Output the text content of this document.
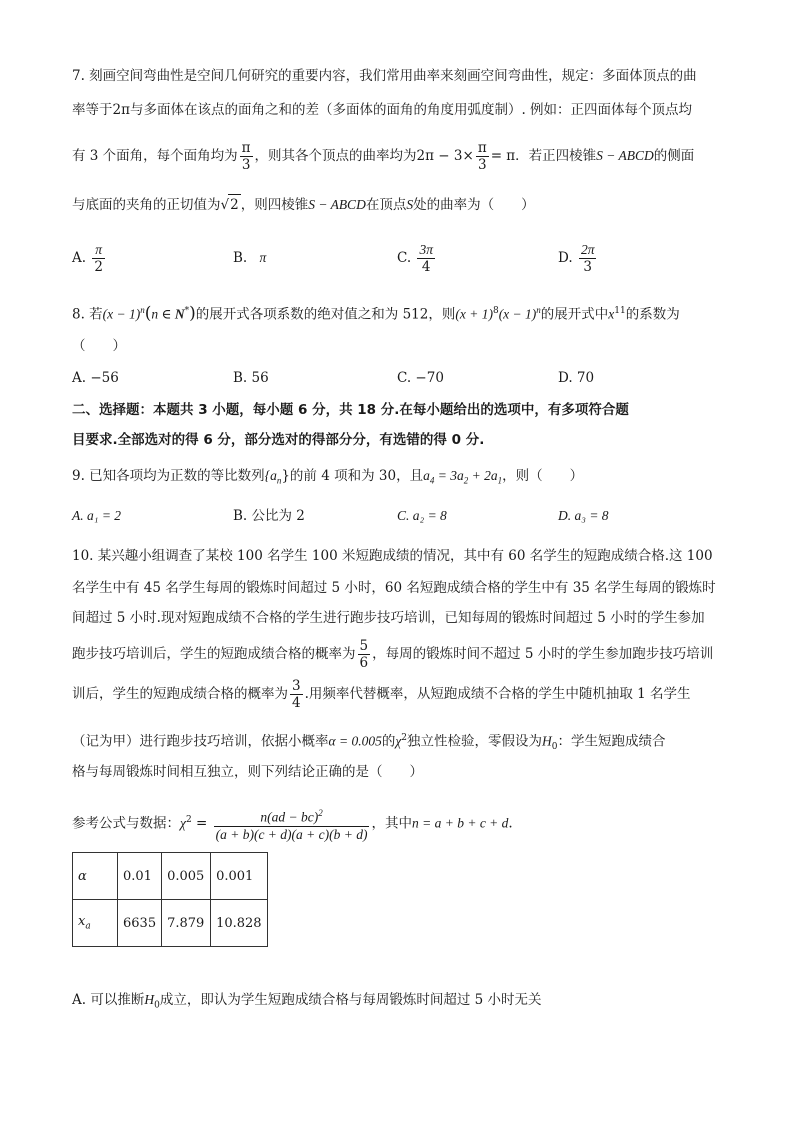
7. 刻画空间弯曲性是空间几何研究的重要内容，我们常用曲率来刻画空间弯曲性，规定：多面体顶点的曲
率等于2π与多面体在该点的面角之和的差（多面体的面角的角度用弧度制）. 例如：正四面体每个顶点均
有 3 个面角，每个面角均为 $\frac{\pi}{3}$ ，则其各个顶点的曲率均为$2\pi - 3\times \frac{\pi}{3} = \pi$．若正四棱锥S − ABCD的侧面
与底面的夹角的正切值为√2 ，则四棱锥S − ABCD在顶点S处的曲率为（　　）
A. $\frac{\pi}{2}$	B. π	C. $\frac{3\pi}{4}$	D. $\frac{2\pi}{3}$
8. 若$(x - 1)^n(n$ ∈ N*)的展开式各项系数的绝对值之和为 512，则$(x + 1)^8(x - 1)^n$的展开式中$x^{11}$的系数为
（　　）
A. −56	B. 56	C. −70	D. 70
二、选择题：本题共 3 小题，每小题 6 分，共 18 分.在每小题给出的选项中，有多项符合题
目要求.全部选对的得 6 分，部分选对的得部分分，有选错的得 0 分.
9. 已知各项均为正数的等比数列$\{a_n\}$的前 4 项和为 30，且$a_4 = 3a_2 + 2a_1$，则（　　）
A. a₁ = 2	B. 公比为 2	C. a₂ = 8	D. a₃ = 8
10. 某兴趣小组调查了某校 100 名学生 100 米短跑成绩的情况，其中有 60 名学生的短跑成绩合格.这 100
名学生中有 45 名学生每周的锻炼时间超过 5 小时，60 名短跑成绩合格的学生中有 35 名学生每周的锻炼时
间超过 5 小时.现对短跑成绩不合格的学生进行跑步技巧培训，已知每周的锻炼时间超过 5 小时的学生参加
跑步技巧培训后，学生的短跑成绩合格的概率为 $\frac{5}{6}$ ，每周的锻炼时间不超过 5 小时的学生参加跑步技巧培训
训后，学生的短跑成绩合格的概率为 $\frac{3}{4}$ .用频率代替概率，从短跑成绩不合格的学生中随机抽取 1 名学生
（记为甲）进行跑步技巧培训，依据小概率α = 0.005的$\chi^2$独立性检验，零假设为$H_0$：学生短跑成绩合
格与每周锻炼时间相互独立，则下列结论正确的是（　　）
参考公式与数据：$\chi^2 = \frac{n(ad - bc)^2}{(a + b)(c + d)(a + c)(b + d)}$ ，其中n = a + b + c + d.
α	0.01	0.005	0.001
$x_a$	6635	7.879	10.828
A. 可以推断$H_0$成立，即认为学生短跑成绩合格与每周锻炼时间超过 5 小时无关
